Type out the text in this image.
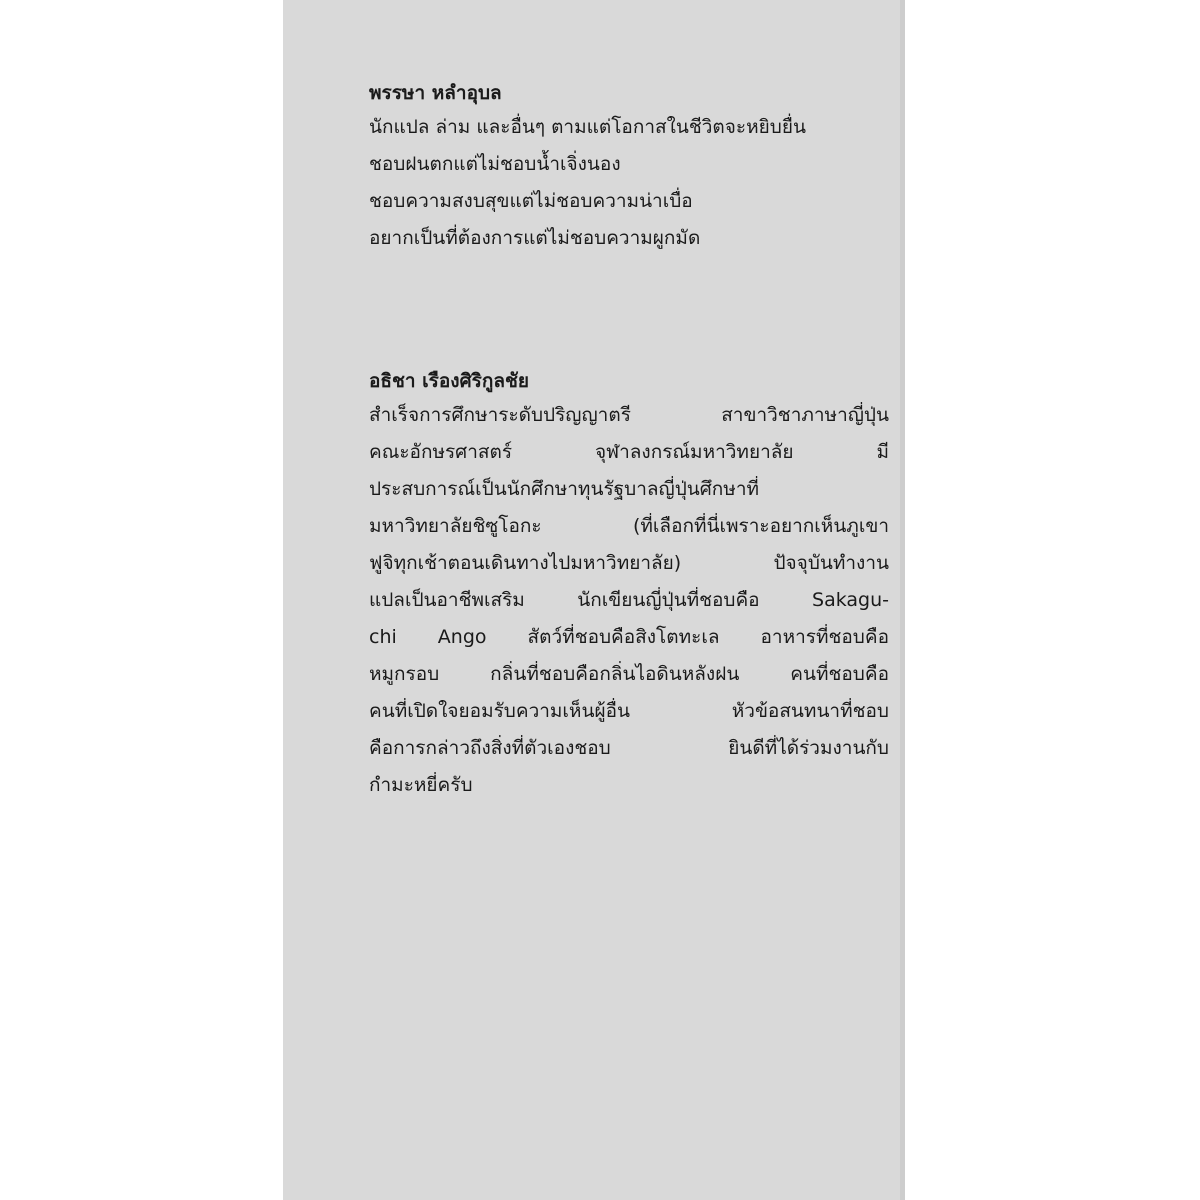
พรรษา หลำอุบล
นักแปล ล่าม และอื่นๆ ตามแต่โอกาสในชีวิตจะหยิบยื่น
ชอบฝนตกแต่ไม่ชอบน้ำเจิ่งนอง
ชอบความสงบสุขแต่ไม่ชอบความน่าเบื่อ
อยากเป็นที่ต้องการแต่ไม่ชอบความผูกมัด
อธิชา เรืองศิริกูลชัย
สำเร็จการศึกษาระดับปริญญาตรี สาขาวิชาภาษาญี่ปุ่น
คณะอักษรศาสตร์ จุฬาลงกรณ์มหาวิทยาลัย มี
ประสบการณ์เป็นนักศึกษาทุนรัฐบาลญี่ปุ่นศึกษาที่
มหาวิทยาลัยชิซูโอกะ (ที่เลือกที่นี่เพราะอยากเห็นภูเขา
ฟูจิทุกเช้าตอนเดินทางไปมหาวิทยาลัย) ปัจจุบันทำงาน
แปลเป็นอาชีพเสริม นักเขียนญี่ปุ่นที่ชอบคือ Sakagu-
chi Ango สัตว์ที่ชอบคือสิงโตทะเล อาหารที่ชอบคือ
หมูกรอบ กลิ่นที่ชอบคือกลิ่นไอดินหลังฝน คนที่ชอบคือ
คนที่เปิดใจยอมรับความเห็นผู้อื่น หัวข้อสนทนาที่ชอบ
คือการกล่าวถึงสิ่งที่ตัวเองชอบ ยินดีที่ได้ร่วมงานกับ
กำมะหยี่ครับ
